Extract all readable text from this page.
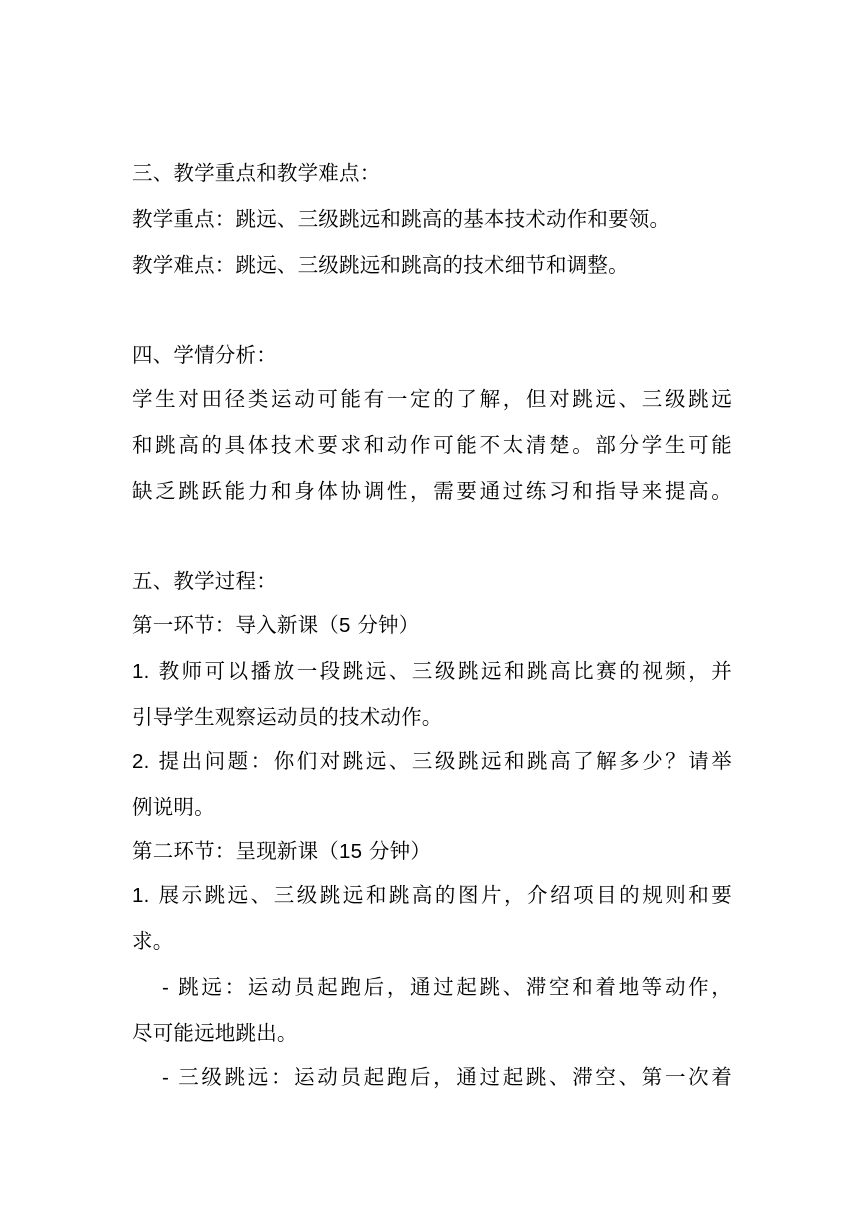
三、教学重点和教学难点：
教学重点：跳远、三级跳远和跳高的基本技术动作和要领。
教学难点：跳远、三级跳远和跳高的技术细节和调整。
四、学情分析：
学生对田径类运动可能有一定的了解，但对跳远、三级跳远
和跳高的具体技术要求和动作可能不太清楚。部分学生可能
缺乏跳跃能力和身体协调性，需要通过练习和指导来提高。
五、教学过程：
第一环节：导入新课（5 分钟）
1. 教师可以播放一段跳远、三级跳远和跳高比赛的视频，并
引导学生观察运动员的技术动作。
2. 提出问题：你们对跳远、三级跳远和跳高了解多少？请举
例说明。
第二环节：呈现新课（15 分钟）
1. 展示跳远、三级跳远和跳高的图片，介绍项目的规则和要
求。
- 跳远：运动员起跑后，通过起跳、滞空和着地等动作，
尽可能远地跳出。
- 三级跳远：运动员起跑后，通过起跳、滞空、第一次着
